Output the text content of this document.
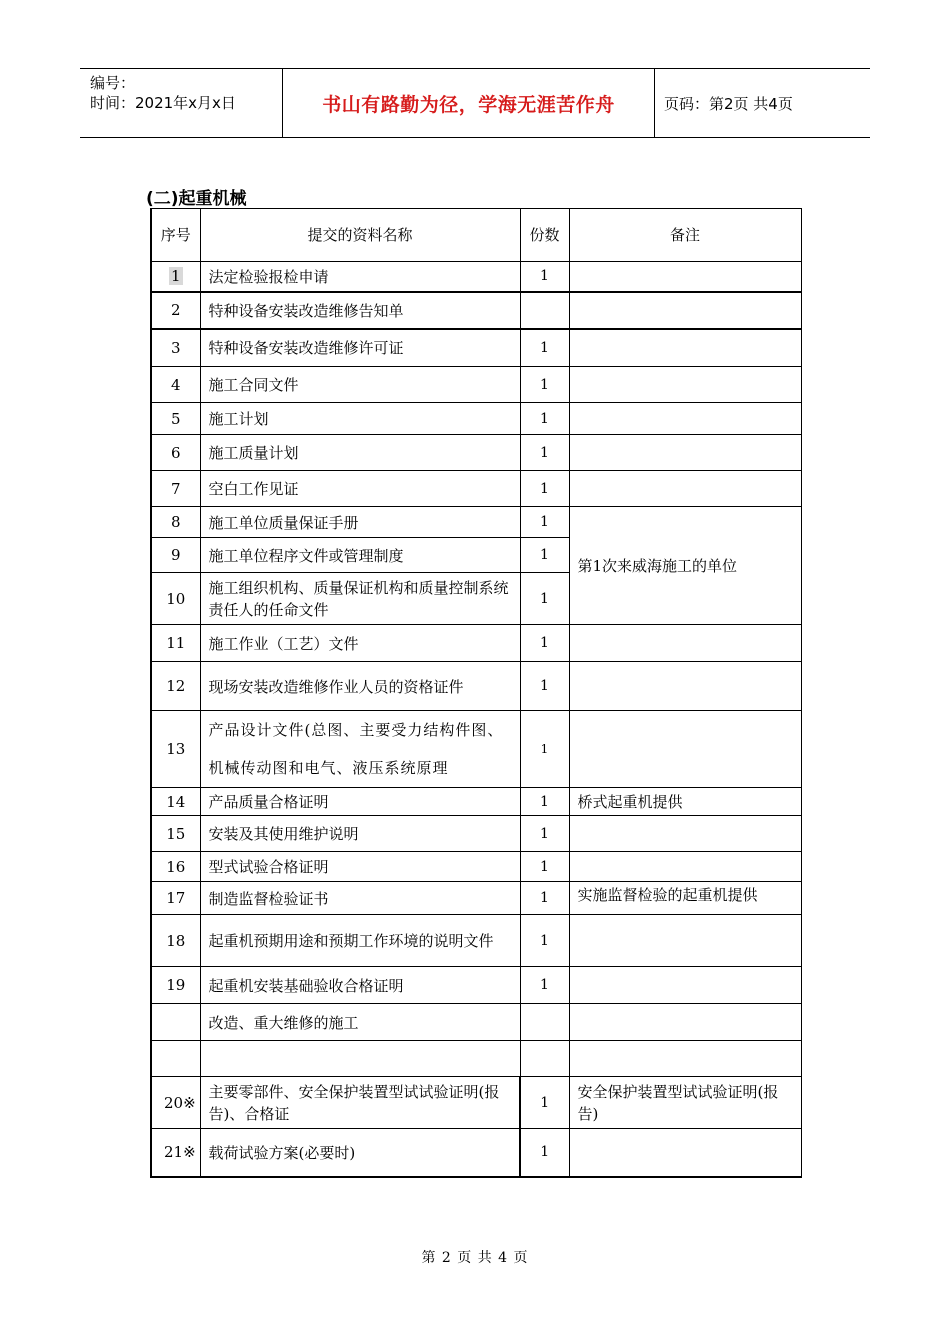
编号：
时间：2021年x月x日	书山有路勤为径，学海无涯苦作舟	页码：第2页 共4页
(二)起重机械
序号	提交的资料名称	份数	备注
1	法定检验报检申请	1	
2	特种设备安装改造维修告知单		
3	特种设备安装改造维修许可证	1	
4	施工合同文件	1	
5	施工计划	1	
6	施工质量计划	1	
7	空白工作见证	1	
8	施工单位质量保证手册	1	第1次来威海施工的单位
9	施工单位程序文件或管理制度	1	
10	施工组织机构、质量保证机构和质量控制系统责任人的任命文件	1	
11	施工作业（工艺）文件	1	
12	现场安装改造维修作业人员的资格证件	1	
13	产品设计文件(总图、主要受力结构件图、机械传动图和电气、液压系统原理	1	
14	产品质量合格证明	1	桥式起重机提供
15	安装及其使用维护说明	1	
16	型式试验合格证明	1	
17	制造监督检验证书	1	实施监督检验的起重机提供
18	起重机预期用途和预期工作环境的说明文件	1	
19	起重机安装基础验收合格证明	1	
	改造、重大维修的施工		

20※	主要零部件、安全保护装置型试试验证明(报告)、合格证	1	安全保护装置型试试验证明(报告)
21※	载荷试验方案(必要时)	1	
第 2 页 共 4 页
